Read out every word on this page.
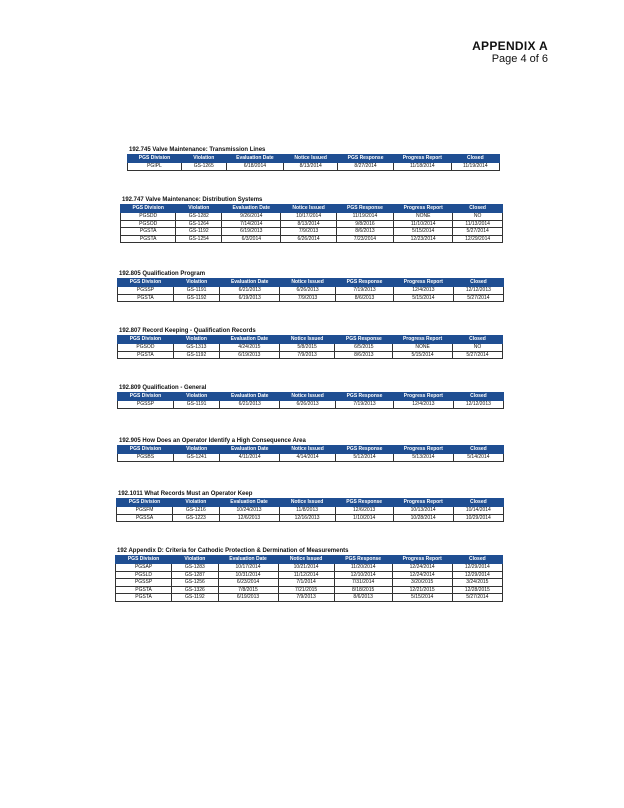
APPENDIX A
Page 4 of 6
192.745 Valve Maintenance: Transmission Lines
PGS Division	Violation	Evaluation Date	Notice Issued	PGS Response	Progress Report	Closed
PGIPL	GS-1265	6/18/2014	8/13/2014	8/27/2014	11/18/2014	11/19/2014
192.747 Valve Maintenance: Distribution Systems
PGS Division	Violation	Evaluation Date	Notice Issued	PGS Response	Progress Report	Closed
PGSDD	GS-1282	9/26/2014	10/17/2014	11/19/2014	NONE	NO
PGSOD	GS-1264	7/14/2014	8/13/2014	9/8/2016	11/10/2014	11/13/2014
PGSTA	GS-1192	6/19/2013	7/9/2013	8/6/2013	5/15/2014	5/27/2014
PGSTA	GS-1254	6/3/2014	6/26/2014	7/23/2014	12/23/2014	12/29/2014
192.805 Qualification Program
PGS Division	Violation	Evaluation Date	Notice Issued	PGS Response	Progress Report	Closed
PGSSP	GS-1191	6/21/2013	6/26/2013	7/19/2013	12/4/2013	12/12/2013
PGSTA	GS-1192	6/19/2013	7/9/2013	8/6/2013	5/15/2014	5/27/2014
192.807 Record Keeping - Qualification Records
PGS Division	Violation	Evaluation Date	Notice Issued	PGS Response	Progress Report	Closed
PGSOD	GS-1313	4/24/2015	5/8/2015	6/5/2015	NONE	NO
PGSTA	GS-1192	6/19/2013	7/9/2013	8/6/2013	5/15/2014	5/27/2014
192.809 Qualification - General
PGS Division	Violation	Evaluation Date	Notice Issued	PGS Response	Progress Report	Closed
PGSSP	GS-1191	6/21/2013	6/26/2013	7/19/2013	12/4/2013	12/12/2013
192.905 How Does an Operator Identify a High Consequence Area
PGS Division	Violation	Evaluation Date	Notice Issued	PGS Response	Progress Report	Closed
PGSBS	GS-1241	4/11/2014	4/14/2014	5/12/2014	5/13/2014	5/14/2014
192.1011 What Records Must an Operator Keep
PGS Division	Violation	Evaluation Date	Notice Issued	PGS Response	Progress Report	Closed
PGSFM	GS-1216	10/24/2013	11/8/2013	12/6/2013	10/13/2014	10/14/2014
PGSSA	GS-1223	12/6/2013	12/16/2013	1/10/2014	10/28/2014	10/29/2014
192 Appendix D: Criteria for Cathodic Protection & Dermination of Measurements
PGS Division	Violation	Evaluation Date	Notice Issued	PGS Response	Progress Report	Closed
PGSAP	GS-1283	10/17/2014	10/21/2014	11/20/2014	12/24/2014	12/29/2014
PGSLD	GS-1287	10/31/2014	11/12/2014	12/10/2014	12/24/2014	12/29/2014
PGSSP	GS-1256	6/23/2014	7/1/2014	7/31/2014	3/20/2015	3/24/2015
PGSTA	GS-1326	7/8/2015	7/21/2015	8/18/2015	12/21/2015	12/28/2015
PGSTA	GS-1192	6/19/2013	7/9/2013	8/6/2013	5/15/2014	5/27/2014
